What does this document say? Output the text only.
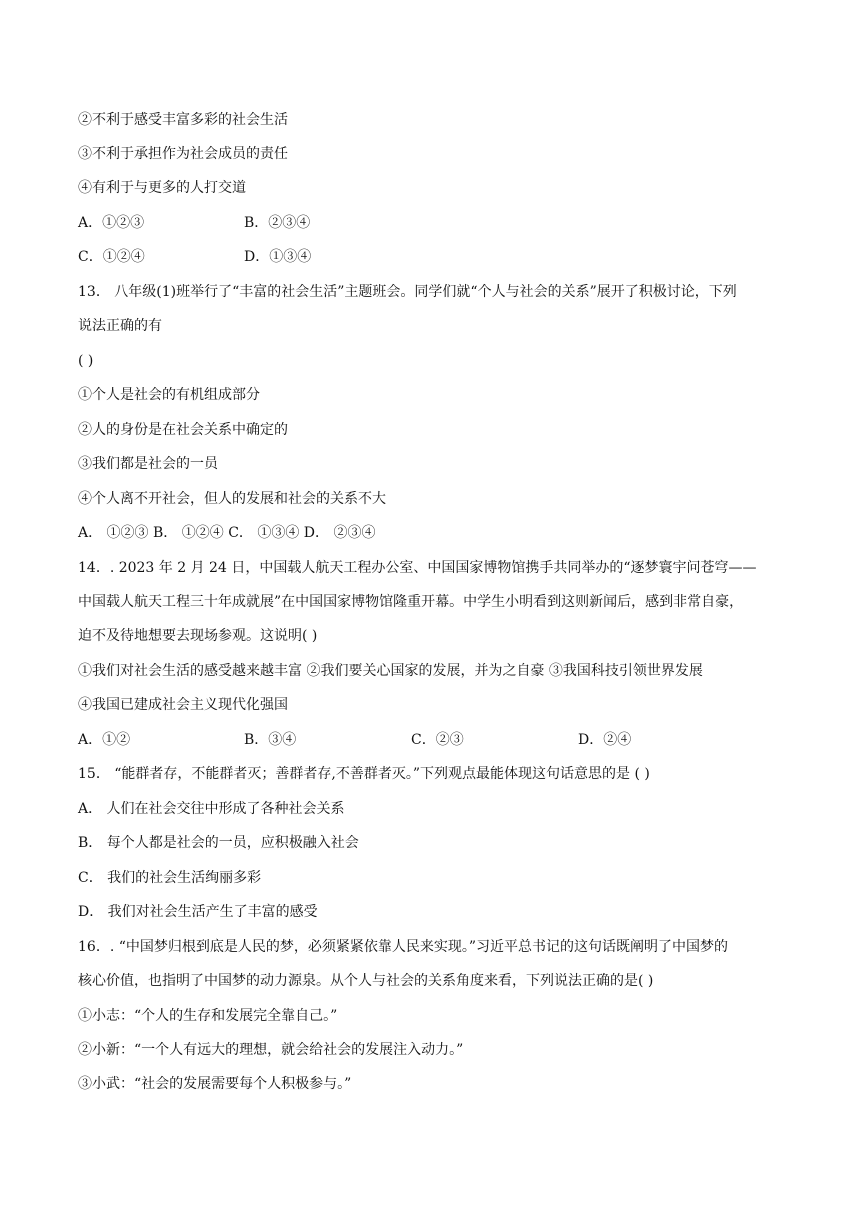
②不利于感受丰富多彩的社会生活
③不利于承担作为社会成员的责任
④有利于与更多的人打交道
A．①②③	B．②③④
C．①②④	D．①③④
13． 八年级(1)班举行了“丰富的社会生活”主题班会。同学们就“个人与社会的关系”展开了积极讨论，下列
说法正确的有
( )
①个人是社会的有机组成部分
②人的身份是在社会关系中确定的
③我们都是社会的一员
④个人离不开社会，但人的发展和社会的关系不大
A． ①②③ B． ①②④ C． ①③④ D． ②③④
14．. 2023 年 2 月 24 日，中国载人航天工程办公室、中国国家博物馆携手共同举办的“逐梦寰宇问苍穹——
中国载人航天工程三十年成就展”在中国国家博物馆隆重开幕。中学生小明看到这则新闻后，感到非常自豪，
迫不及待地想要去现场参观。这说明( )
①我们对社会生活的感受越来越丰富 ②我们要关心国家的发展，并为之自豪 ③我国科技引领世界发展
④我国已建成社会主义现代化强国
A．①②	B．③④	C．②③	D．②④
15． “能群者存，不能群者灭；善群者存,不善群者灭。”下列观点最能体现这句话意思的是 ( )
A． 人们在社会交往中形成了各种社会关系
B． 每个人都是社会的一员，应积极融入社会
C． 我们的社会生活绚丽多彩
D． 我们对社会生活产生了丰富的感受
16．. “中国梦归根到底是人民的梦，必须紧紧依靠人民来实现。”习近平总书记的这句话既阐明了中国梦的
核心价值，也指明了中国梦的动力源泉。从个人与社会的关系角度来看，下列说法正确的是( )
①小志：“个人的生存和发展完全靠自己。”
②小新：“一个人有远大的理想，就会给社会的发展注入动力。”
③小武：“社会的发展需要每个人积极参与。”
